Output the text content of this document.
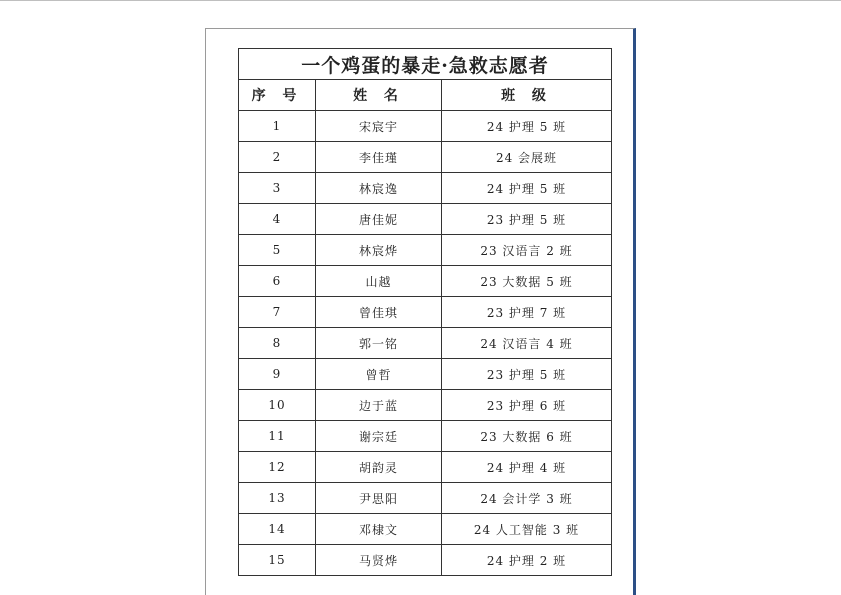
一个鸡蛋的暴走·急救志愿者		
序 号	姓 名	班 级
1	宋宸宇	24 护理 5 班
2	李佳瑾	24 会展班
3	林宸逸	24 护理 5 班
4	唐佳妮	23 护理 5 班
5	林宸烨	23 汉语言 2 班
6	山越	23 大数据 5 班
7	曾佳琪	23 护理 7 班
8	郭一铭	24 汉语言 4 班
9	曾哲	23 护理 5 班
10	边于蓝	23 护理 6 班
11	谢宗廷	23 大数据 6 班
12	胡韵灵	24 护理 4 班
13	尹思阳	24 会计学 3 班
14	邓棣文	24 人工智能 3 班
15	马贤烨	24 护理 2 班
